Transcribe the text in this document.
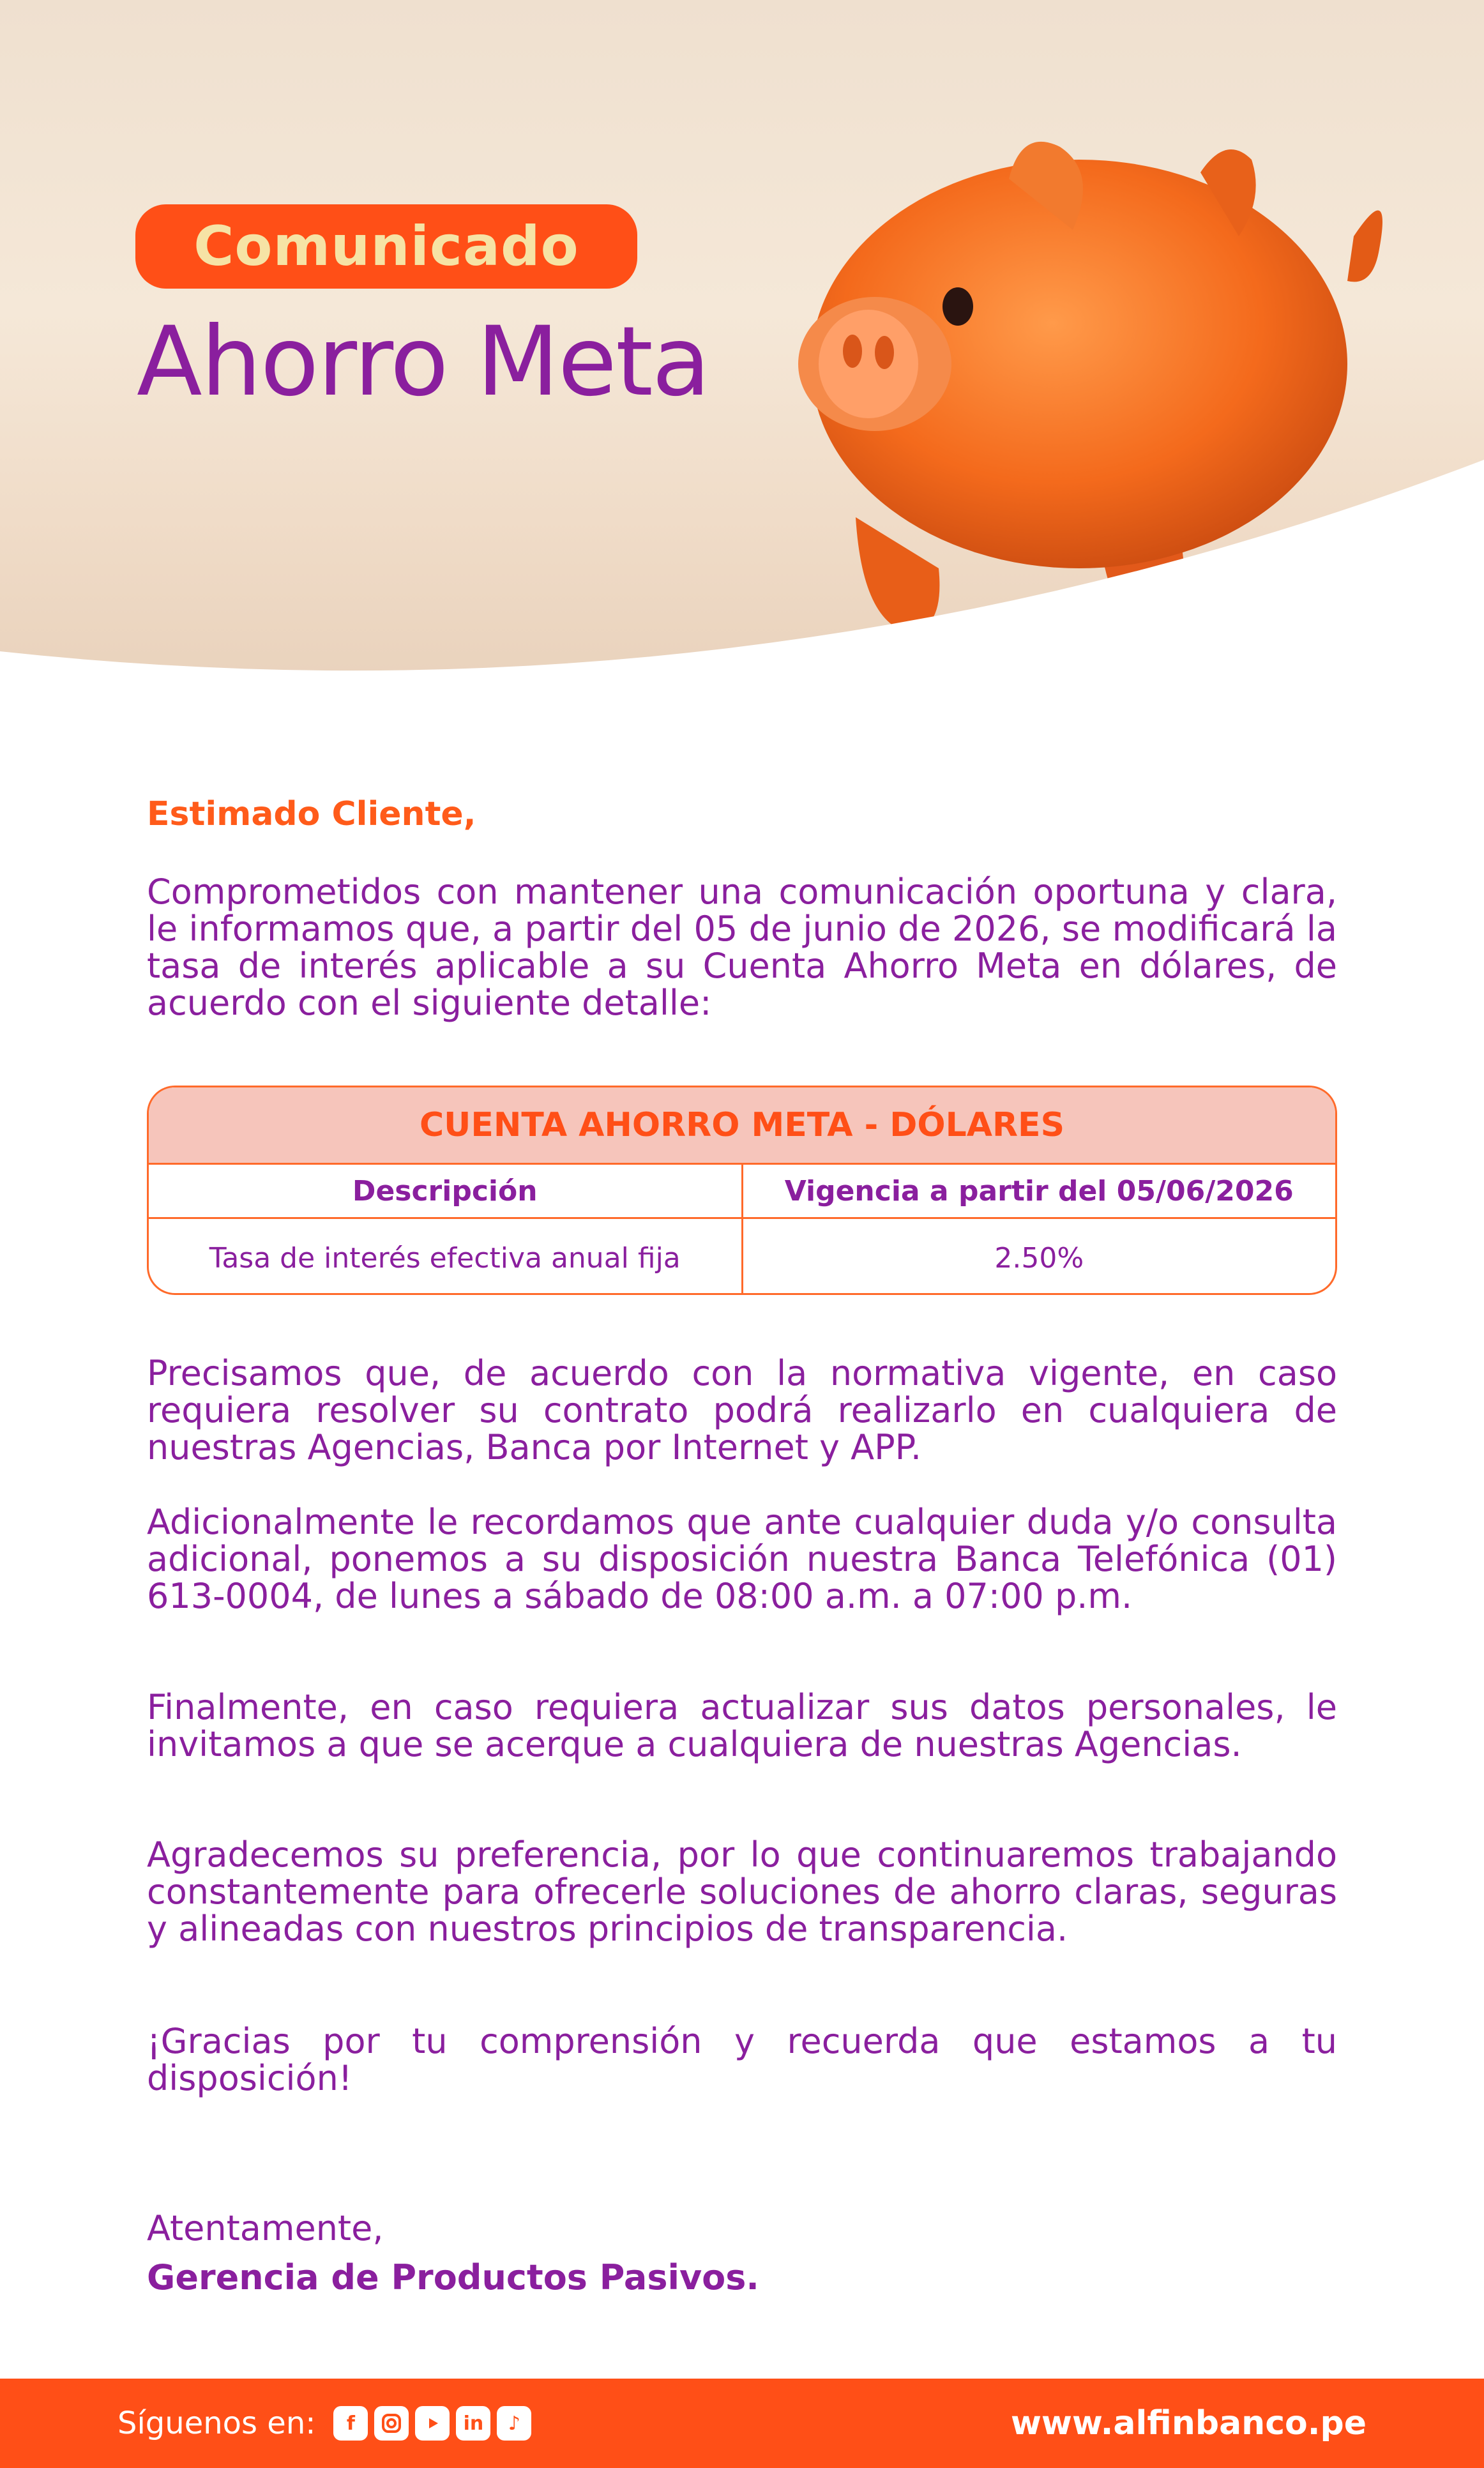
Comunicado
Ahorro Meta
Estimado Cliente,
Comprometidos con mantener una comunicación oportuna y clara, le informamos que, a partir del 05 de junio de 2026, se modificará la tasa de interés aplicable a su Cuenta Ahorro Meta en dólares, de acuerdo con el siguiente detalle:
CUENTA AHORRO META - DÓLARES
Descripción	Vigencia a partir del 05/06/2026
Tasa de interés efectiva anual fija	2.50%
Precisamos que, de acuerdo con la normativa vigente, en caso requiera resolver su contrato podrá realizarlo en cualquiera de nuestras Agencias, Banca por Internet y APP.
Adicionalmente le recordamos que ante cualquier duda y/o consulta adicional, ponemos a su disposición nuestra Banca Telefónica (01) 613-0004, de lunes a sábado de 08:00 a.m. a 07:00 p.m.
Finalmente, en caso requiera actualizar sus datos personales, le invitamos a que se acerque a cualquiera de nuestras Agencias.
Agradecemos su preferencia, por lo que continuaremos trabajando constantemente para ofrecerle soluciones de ahorro claras, seguras y alineadas con nuestros principios de transparencia.
¡Gracias por tu comprensión y recuerda que estamos a tu disposición!
Atentamente,
Gerencia de Productos Pasivos.
Síguenos en:	f	in	♪	www.alfinbanco.pe
